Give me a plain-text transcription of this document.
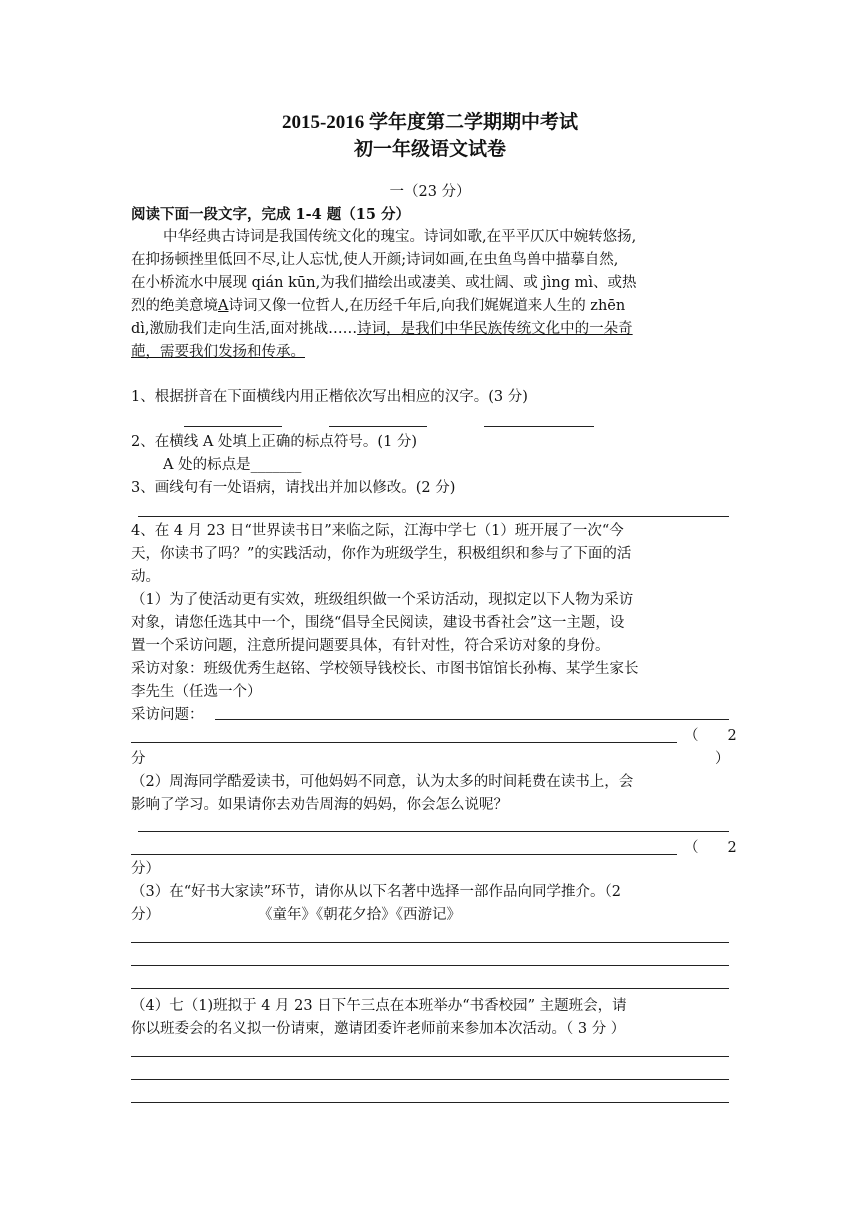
2015-2016 学年度第二学期期中考试
初一年级语文试卷
一（23 分）
阅读下面一段文字，完成 1-4 题（15 分）
中华经典古诗词是我国传统文化的瑰宝。诗词如歌,在平平仄仄中婉转悠扬,
在抑扬顿挫里低回不尽,让人忘忧,使人开颜;诗词如画,在虫鱼鸟兽中描摹自然,
在小桥流水中展现 qián kūn,为我们描绘出或凄美、或壮阔、或 jìng mì、或热
烈的绝美意境A诗词又像一位哲人,在历经千年后,向我们娓娓道来人生的 zhēn
dì,激励我们走向生活,面对挑战……诗词，是我们中华民族传统文化中的一朵奇
葩，需要我们发扬和传承。
1、根据拼音在下面横线内用正楷依次写出相应的汉字。(3 分)
2、在横线 A 处填上正确的标点符号。(1 分)
A 处的标点是_______
3、画线句有一处语病，请找出并加以修改。(2 分)
4、在 4 月 23 日“世界读书日”来临之际，江海中学七（1）班开展了一次“今
天，你读书了吗？”的实践活动，你作为班级学生，积极组织和参与了下面的活
动。
（1）为了使活动更有实效，班级组织做一个采访活动，现拟定以下人物为采访
对象，请您任选其中一个，围绕“倡导全民阅读，建设书香社会”这一主题，设
置一个采访问题，注意所提问题要具体，有针对性，符合采访对象的身份。
采访对象：班级优秀生赵铭、学校领导钱校长、市图书馆馆长孙梅、某学生家长
李先生（任选一个）
采访问题：
（　　2
分	）
（2）周海同学酷爱读书，可他妈妈不同意，认为太多的时间耗费在读书上，会
影响了学习。如果请你去劝告周海的妈妈，你会怎么说呢？
（　　2
分）
（3）在“好书大家读”环节，请你从以下名著中选择一部作品向同学推介。（2
分）	《童年》《朝花夕拾》《西游记》
（4）七（1)班拟于 4 月 23 日下午三点在本班举办“书香校园” 主题班会，请
你以班委会的名义拟一份请柬，邀请团委许老师前来参加本次活动。（ 3 分 ）
